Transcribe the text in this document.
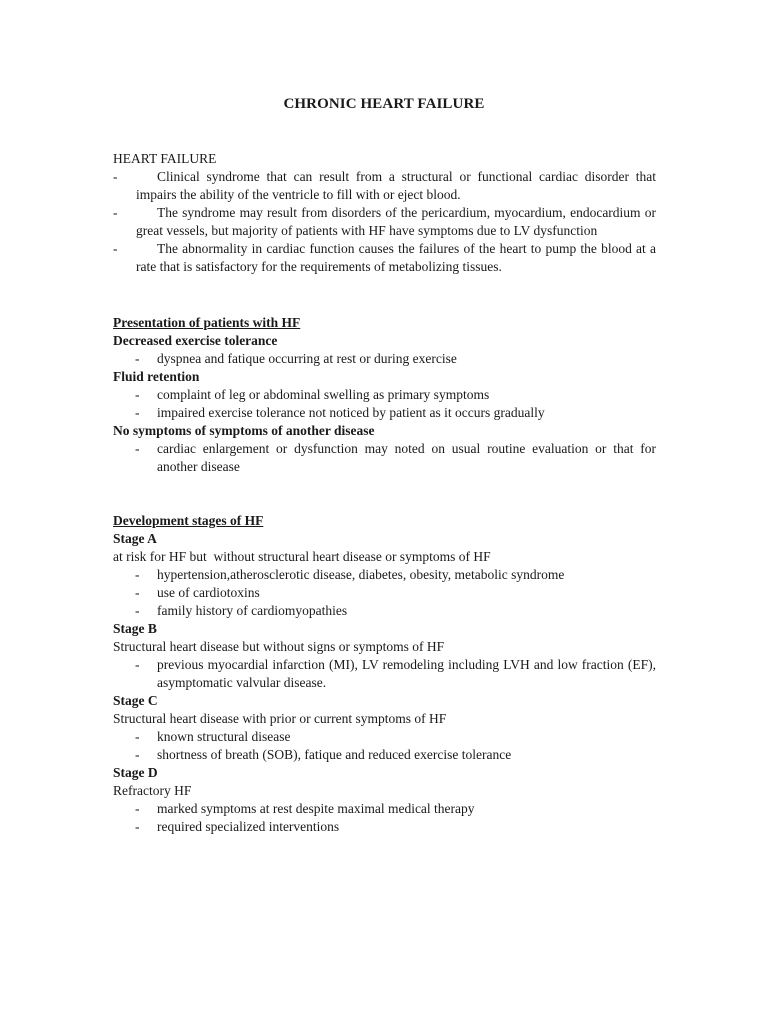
CHRONIC HEART FAILURE
HEART FAILURE
-	Clinical syndrome that can result from a structural or functional cardiac disorder that impairs the ability of the ventricle to fill with or eject blood.
-	The syndrome may result from disorders of the pericardium, myocardium, endocardium or great vessels, but majority of patients with HF have symptoms due to LV dysfunction
-	The abnormality in cardiac function causes the failures of the heart to pump the blood at a rate that is satisfactory for the requirements of metabolizing tissues.
Presentation of patients with HF
Decreased exercise tolerance
-	dyspnea and fatique occurring at rest or during exercise
Fluid retention
-	complaint of leg or abdominal swelling as primary symptoms
-	impaired exercise tolerance not noticed by patient as it occurs gradually
No symptoms of symptoms of another disease
-	cardiac enlargement or dysfunction may noted on usual routine evaluation or that for another disease
Development stages of HF
Stage A
at risk for HF but  without structural heart disease or symptoms of HF
-	hypertension,atherosclerotic disease, diabetes, obesity, metabolic syndrome
-	use of cardiotoxins
-	family history of cardiomyopathies
Stage B
Structural heart disease but without signs or symptoms of HF
-	previous myocardial infarction (MI), LV remodeling including LVH and low fraction (EF), asymptomatic valvular disease.
Stage C
Structural heart disease with prior or current symptoms of HF
-	known structural disease
-	shortness of breath (SOB), fatique and reduced exercise tolerance
Stage D
Refractory HF
-	marked symptoms at rest despite maximal medical therapy
-	required specialized interventions
